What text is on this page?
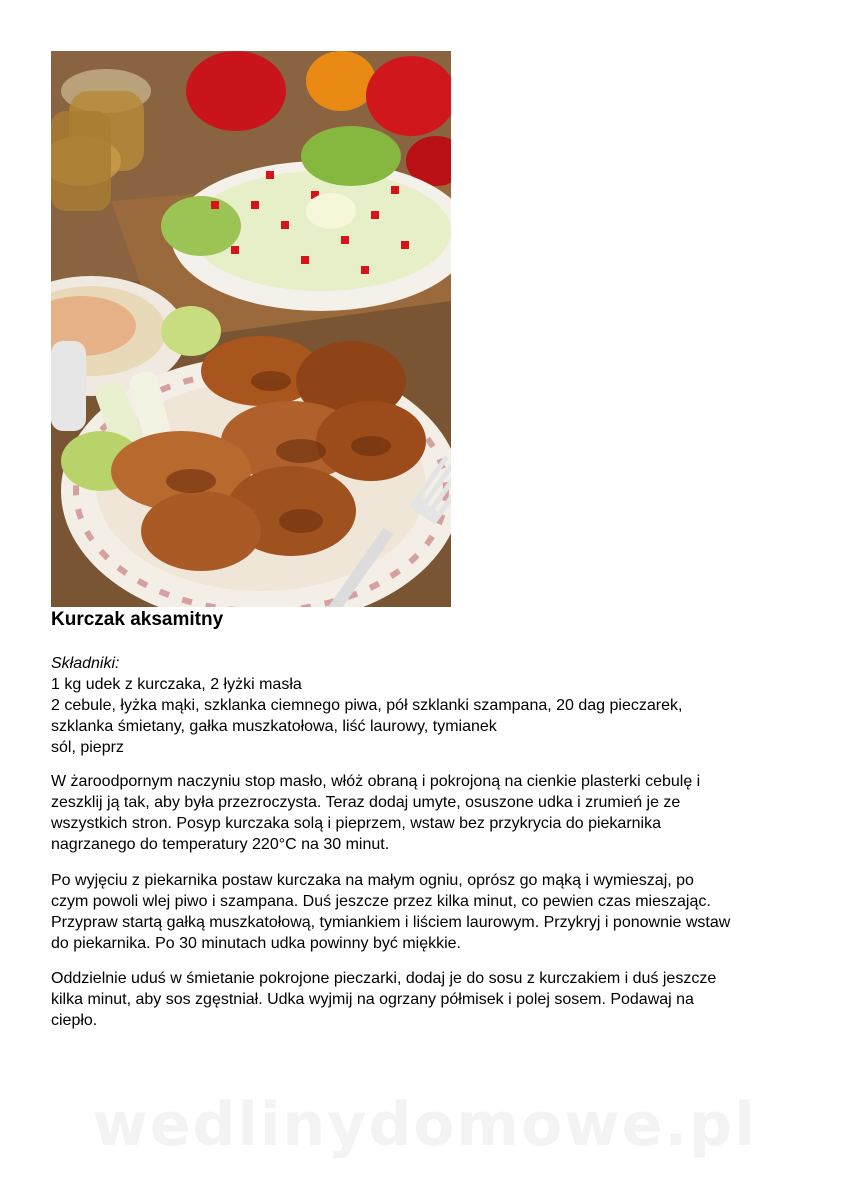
Kurczak aksamitny
Składniki:
1 kg udek z kurczaka, 2 łyżki masła
2 cebule, łyżka mąki, szklanka ciemnego piwa, pół szklanki szampana, 20 dag pieczarek,
szklanka śmietany, gałka muszkatołowa, liść laurowy, tymianek
sól, pieprz
W żaroodpornym naczyniu stop masło, włóż obraną i pokrojoną na cienkie plasterki cebulę i
zeszklij ją tak, aby była przezroczysta. Teraz dodaj umyte, osuszone udka i zrumień je ze
wszystkich stron. Posyp kurczaka solą i pieprzem, wstaw bez przykrycia do piekarnika
nagrzanego do temperatury 220°C na 30 minut.
Po wyjęciu z piekarnika postaw kurczaka na małym ogniu, oprósz go mąką i wymieszaj, po
czym powoli wlej piwo i szampana. Duś jeszcze przez kilka minut, co pewien czas mieszając.
Przypraw startą gałką muszkatołową, tymiankiem i liściem laurowym. Przykryj i ponownie wstaw
do piekarnika. Po 30 minutach udka powinny być miękkie.
Oddzielnie uduś w śmietanie pokrojone pieczarki, dodaj je do sosu z kurczakiem i duś jeszcze
kilka minut, aby sos zgęstniał. Udka wyjmij na ogrzany półmisek i polej sosem. Podawaj na
ciepło.
wedlinydomowe.pl
